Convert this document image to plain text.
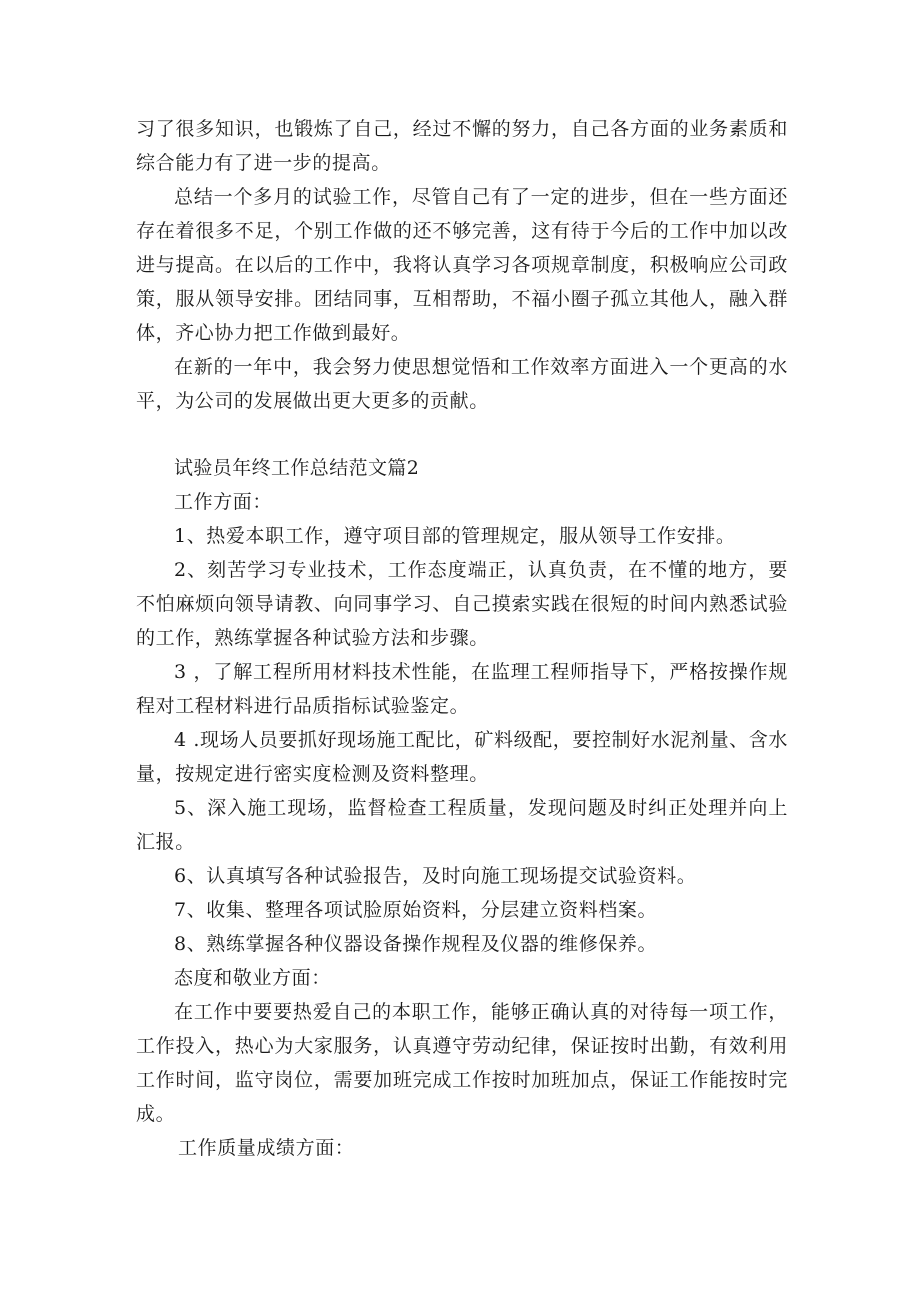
习了很多知识，也锻炼了自己，经过不懈的努力，自己各方面的业务素质和综合能力有了进一步的提高。

总结一个多月的试验工作，尽管自己有了一定的进步，但在一些方面还存在着很多不足，个别工作做的还不够完善，这有待于今后的工作中加以改进与提高。在以后的工作中，我将认真学习各项规章制度，积极响应公司政策，服从领导安排。团结同事，互相帮助，不福小圈子孤立其他人，融入群体，齐心协力把工作做到最好。

在新的一年中，我会努力使思想觉悟和工作效率方面进入一个更高的水平，为公司的发展做出更大更多的贡献。

试验员年终工作总结范文篇2

工作方面：

1、热爱本职工作，遵守项目部的管理规定，服从领导工作安排。

2、刻苦学习专业技术，工作态度端正，认真负责，在不懂的地方，要不怕麻烦向领导请教、向同事学习、自己摸索实践在很短的时间内熟悉试验的工作，熟练掌握各种试验方法和步骤。

3 ，了解工程所用材料技术性能，在监理工程师指导下，严格按操作规程对工程材料进行品质指标试验鉴定。

4 .现场人员要抓好现场施工配比，矿料级配，要控制好水泥剂量、含水量，按规定进行密实度检测及资料整理。

5、深入施工现场，监督检查工程质量，发现问题及时纠正处理并向上汇报。

6、认真填写各种试验报告，及时向施工现场提交试验资料。

7、收集、整理各项试脸原始资料，分层建立资料档案。

8、熟练掌握各种仪器设备操作规程及仪器的维修保养。

态度和敬业方面：

在工作中要要热爱自己的本职工作，能够正确认真的对待每一项工作，工作投入，热心为大家服务，认真遵守劳动纪律，保证按时出勤，有效利用工作时间，监守岗位，需要加班完成工作按时加班加点，保证工作能按时完成。

工作质量成绩方面：
